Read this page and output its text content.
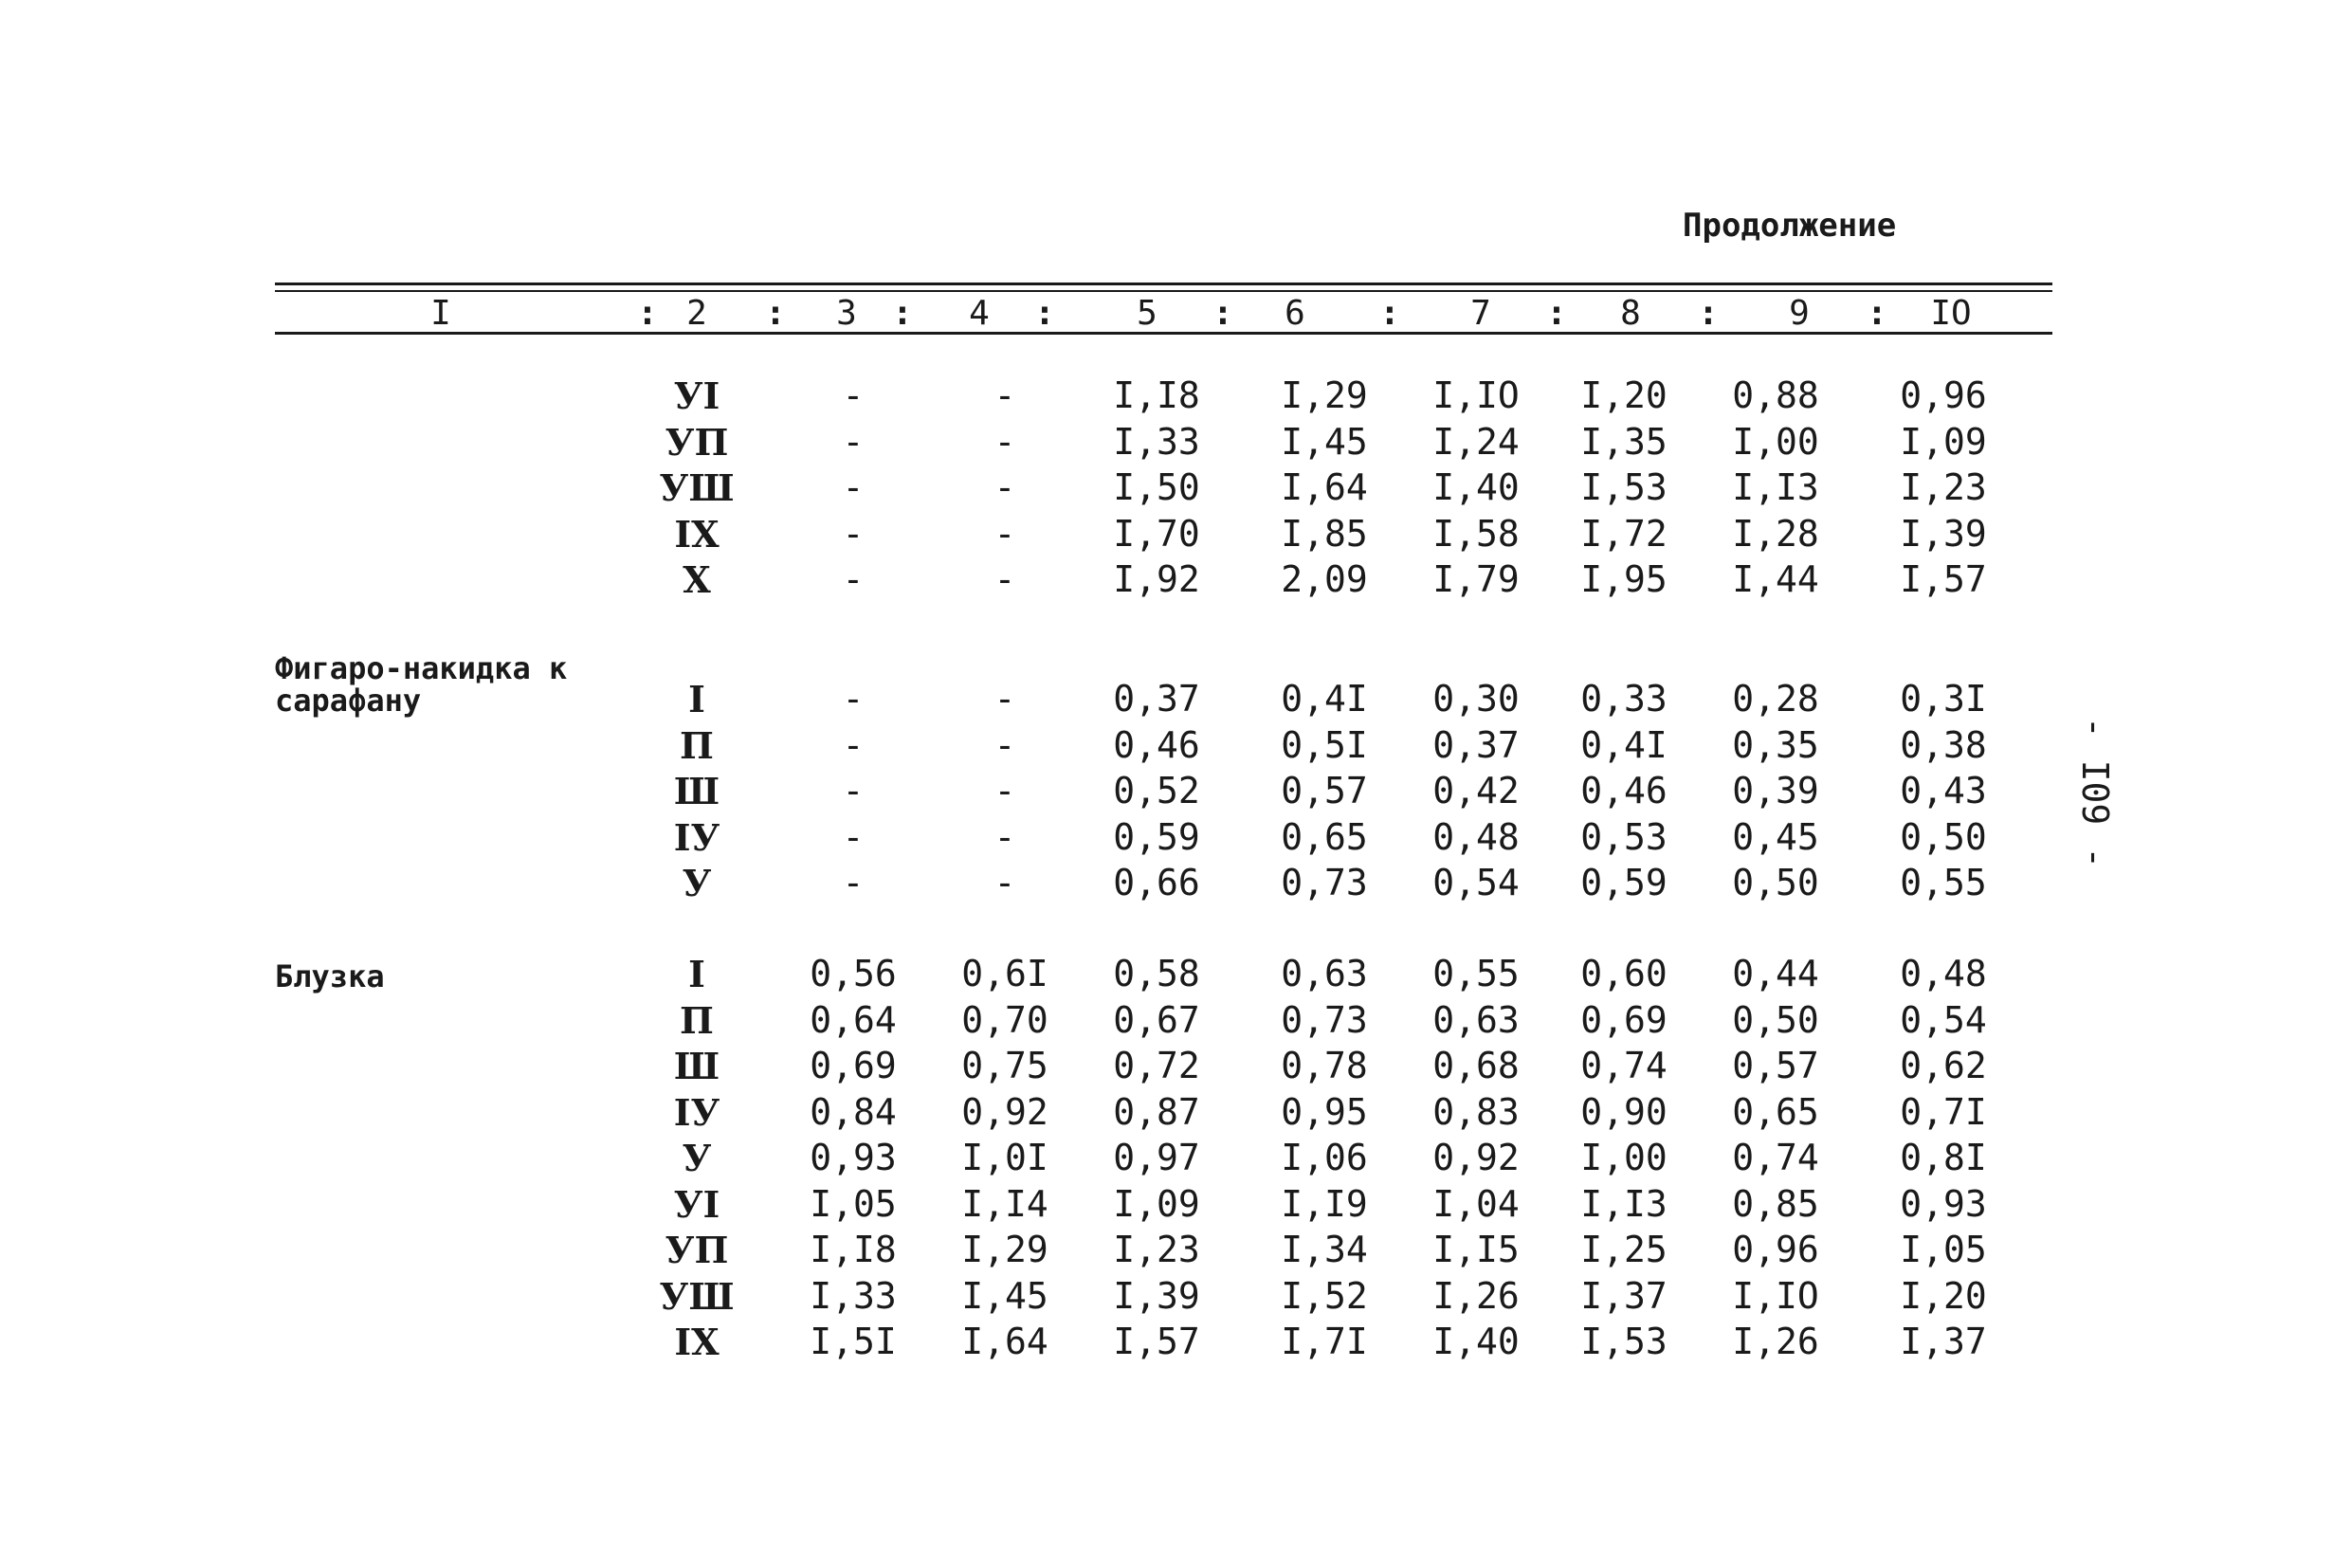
Продолжение
I	2	3	4	5	6	7	8	9	IO
:	:	:	:	:	:	:	:	:
УI	-	-	I,I8 I,29 I,IO I,20 0,88 0,96
УП	-	-	I,33 I,45 I,24 I,35 I,00 I,09
УШ	-	-	I,50 I,64 I,40 I,53 I,I3 I,23
IX	-	-	I,70 I,85 I,58 I,72 I,28 I,39
X	-	-	I,92 2,09 I,79 I,95 I,44 I,57
Фигаро-накидка к
сарафану	I	-	-	0,37 0,4I 0,30 0,33 0,28 0,3I
П	-	-	0,46 0,5I 0,37 0,4I 0,35 0,38
Ш	-	-	0,52 0,57 0,42 0,46 0,39 0,43
IУ	-	-	0,59 0,65 0,48 0,53 0,45 0,50
У	-	-	0,66 0,73 0,54 0,59 0,50 0,55
Блузка	I	0,56 0,6I 0,58 0,63 0,55 0,60 0,44 0,48
П	0,64 0,70 0,67 0,73 0,63 0,69 0,50 0,54
Ш	0,69 0,75 0,72 0,78 0,68 0,74 0,57 0,62
IУ 0,84 0,92 0,87 0,95 0,83 0,90 0,65 0,7I
У	0,93 I,0I 0,97 I,06 0,92 I,00 0,74 0,8I
УI I,05 I,I4 I,09 I,I9 I,04 I,I3 0,85 0,93
УП I,I8 I,29 I,23 I,34 I,I5 I,25 0,96 I,05
УШ I,33 I,45 I,39 I,52 I,26 I,37 I,IO I,20
IX	I,5I I,64 I,57 I,7I I,40 I,53 I,26 I,37
- I09 -
